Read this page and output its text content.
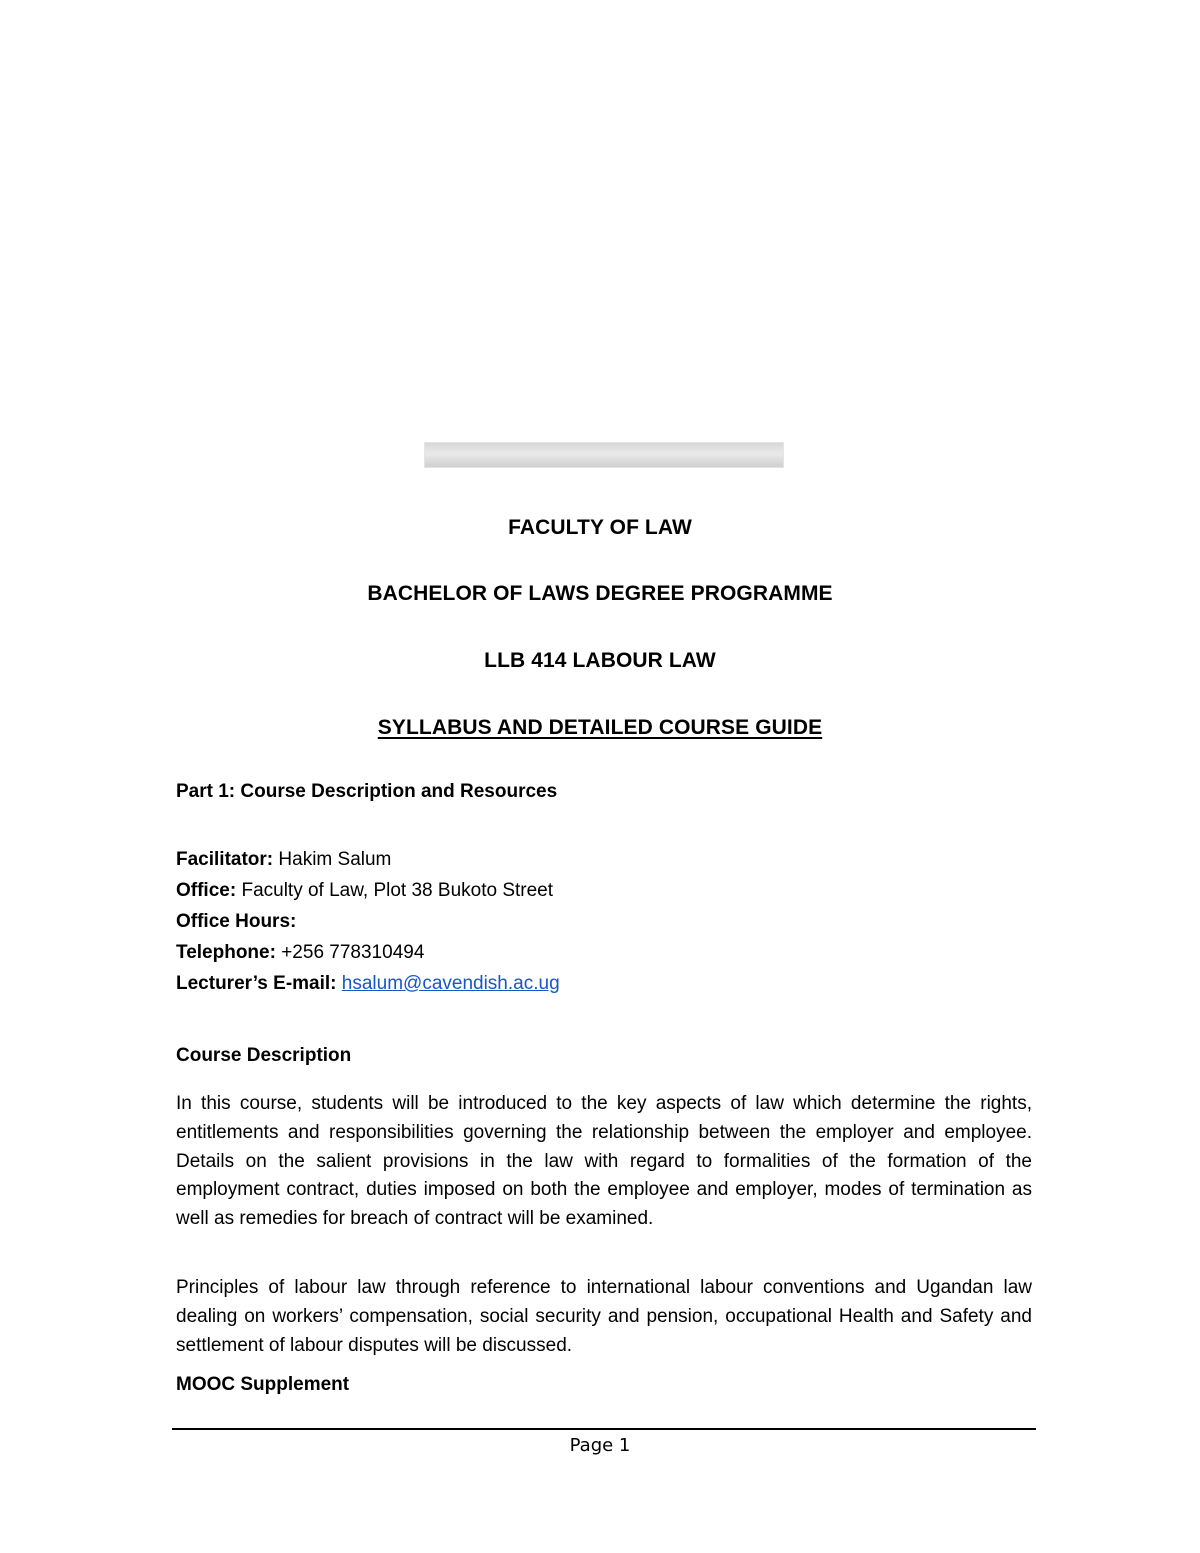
FACULTY OF LAW
BACHELOR OF LAWS DEGREE PROGRAMME
LLB 414 LABOUR LAW
SYLLABUS AND DETAILED COURSE GUIDE
Part 1: Course Description and Resources
Facilitator: Hakim Salum
Office: Faculty of Law, Plot 38 Bukoto Street
Office Hours:
Telephone: +256 778310494
Lecturer’s E-mail: hsalum@cavendish.ac.ug
Course Description

In this course, students will be introduced to the key aspects of law which determine the rights, entitlements and responsibilities governing the relationship between the employer and employee. Details on the salient provisions in the law with regard to formalities of the formation of the employment contract, duties imposed on both the employee and employer, modes of termination as well as remedies for breach of contract will be examined.

Principles of labour law through reference to international labour conventions and Ugandan law dealing on workers’ compensation, social security and pension, occupational Health and Safety and settlement of labour disputes will be discussed.

MOOC Supplement
Page 1
